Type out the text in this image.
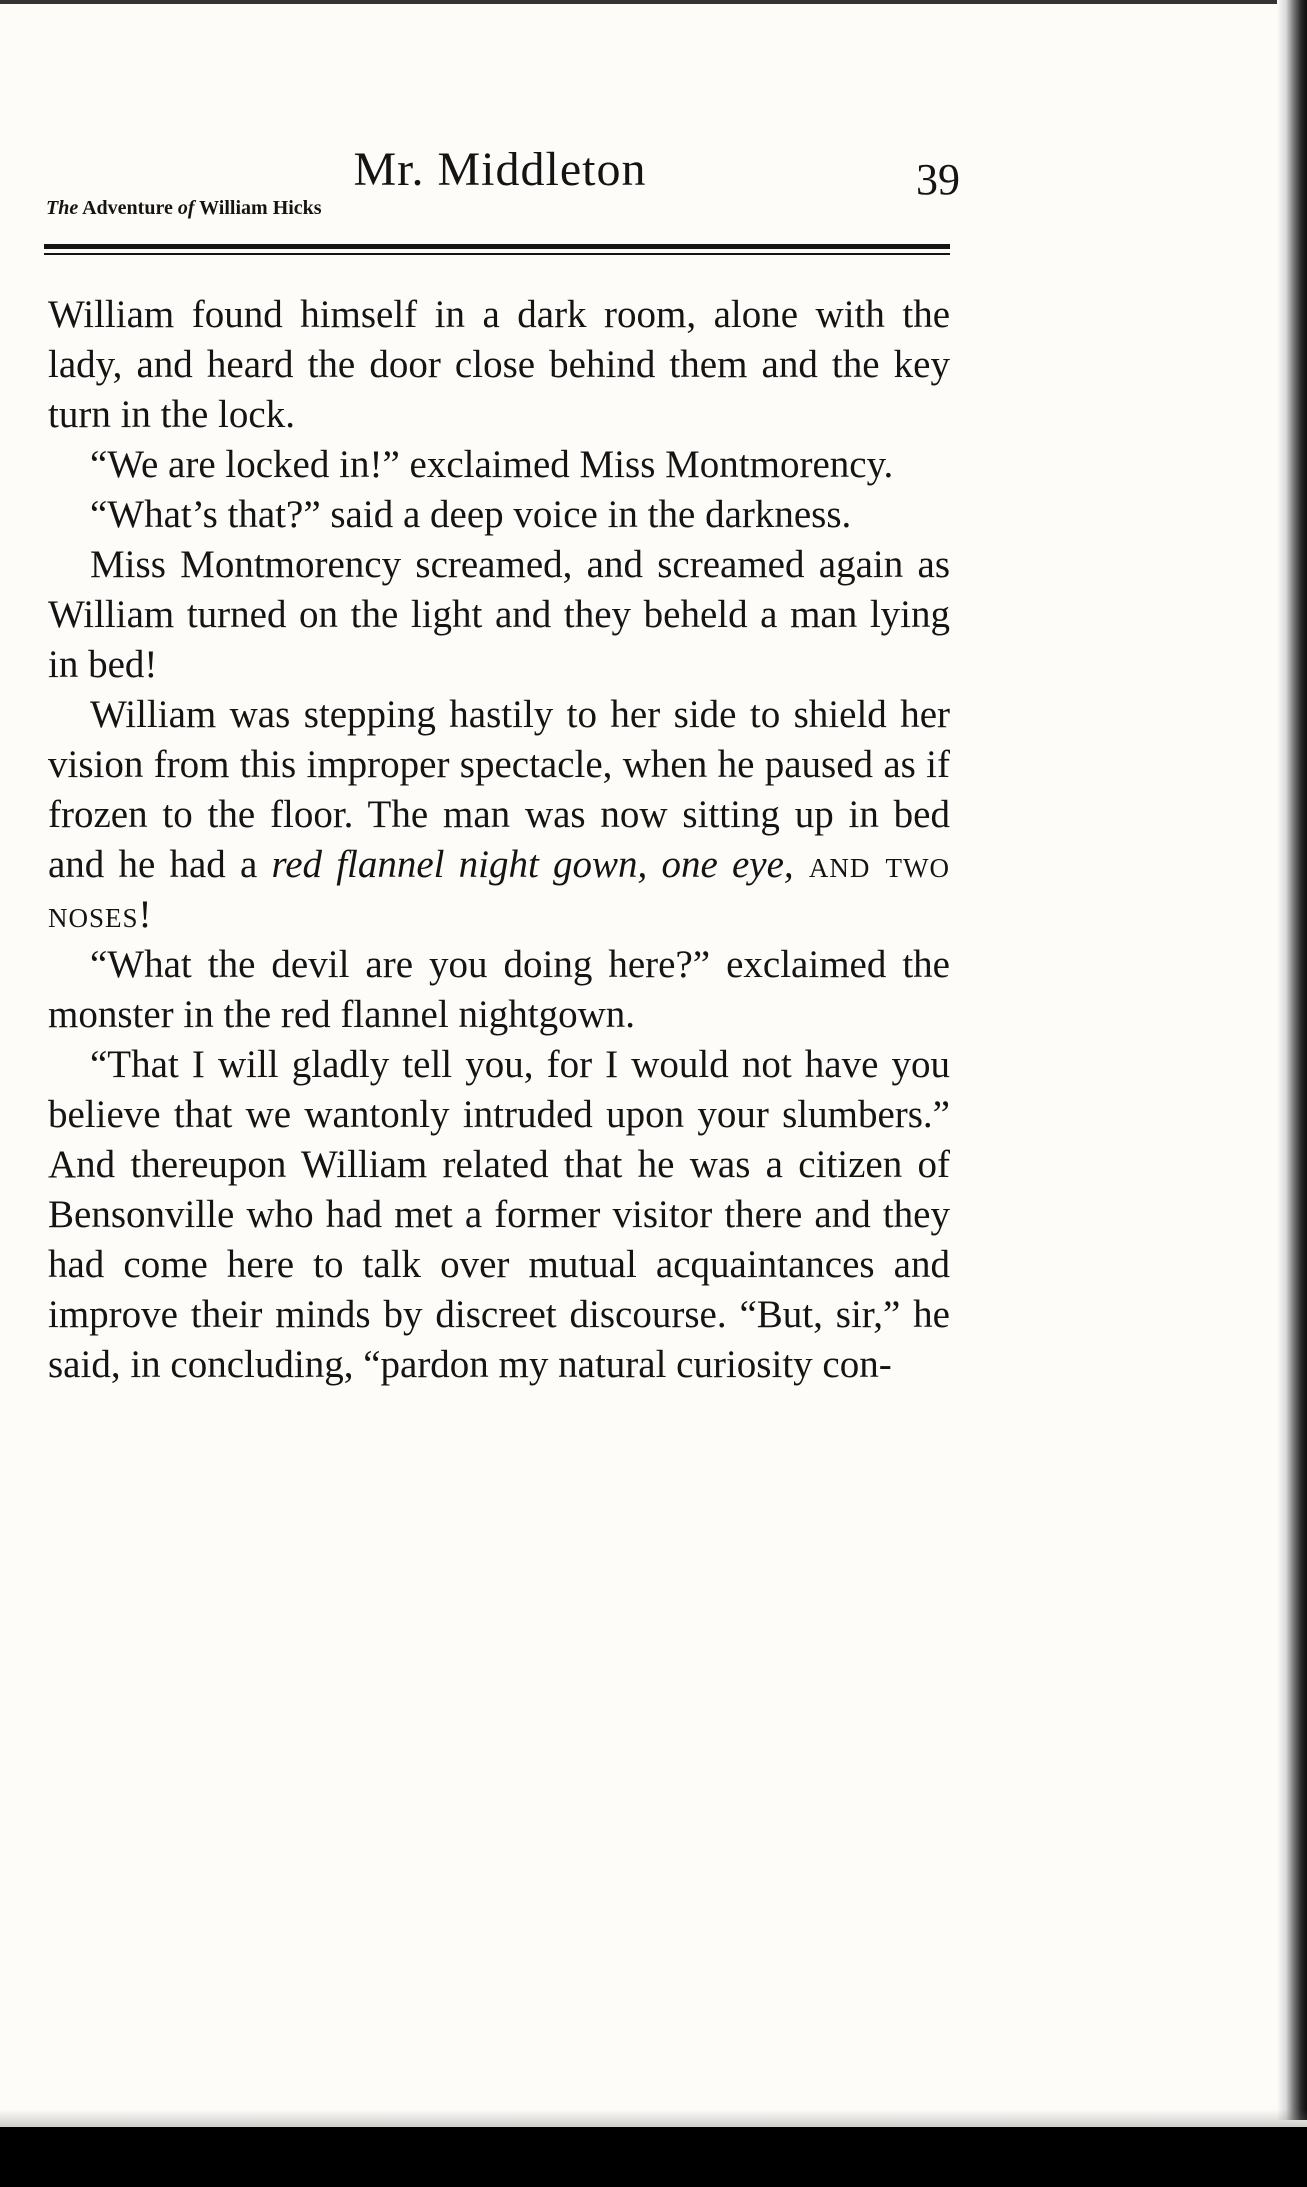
Mr. Middleton	39
The Adventure of William Hicks

William found himself in a dark room, alone with the lady, and heard the door close behind them and the key turn in the lock.

“We are locked in!” exclaimed Miss Montmorency.

“What’s that?” said a deep voice in the darkness.

Miss Montmorency screamed, and screamed again as William turned on the light and they beheld a man lying in bed!

William was stepping hastily to her side to shield her vision from this improper spectacle, when he paused as if frozen to the floor. The man was now sitting up in bed and he had a red flannel night gown, one eye, and two noses!

“What the devil are you doing here?” exclaimed the monster in the red flannel nightgown.

“That I will gladly tell you, for I would not have you believe that we wantonly intruded upon your slumbers.” And thereupon William related that he was a citizen of Bensonville who had met a former visitor there and they had come here to talk over mutual acquaintances and improve their minds by discreet discourse. “But, sir,” he said, in concluding, “pardon my natural curiosity con-
